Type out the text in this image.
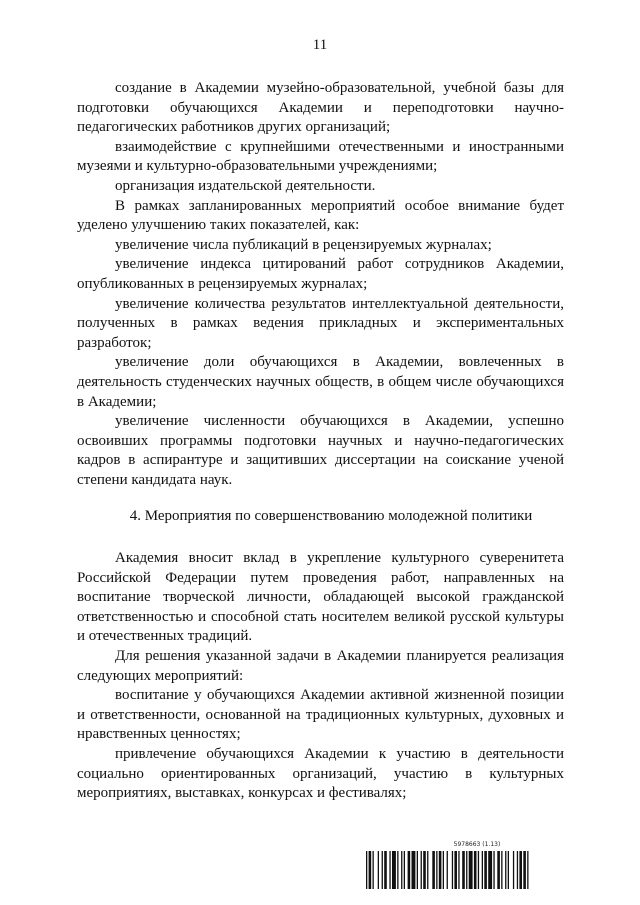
11

создание в Академии музейно-образовательной, учебной базы для подготовки обучающихся Академии и переподготовки научно-педагогических работников других организаций;

взаимодействие с крупнейшими отечественными и иностранными музеями и культурно-образовательными учреждениями;

организация издательской деятельности.

В рамках запланированных мероприятий особое внимание будет уделено улучшению таких показателей, как:

увеличение числа публикаций в рецензируемых журналах;

увеличение индекса цитирований работ сотрудников Академии, опубликованных в рецензируемых журналах;

увеличение количества результатов интеллектуальной деятельности, полученных в рамках ведения прикладных и экспериментальных разработок;

увеличение доли обучающихся в Академии, вовлеченных в деятельность студенческих научных обществ, в общем числе обучающихся в Академии;

увеличение численности обучающихся в Академии, успешно освоивших программы подготовки научных и научно-педагогических кадров в аспирантуре и защитивших диссертации на соискание ученой степени кандидата наук.

4. Мероприятия по совершенствованию молодежной политики

Академия вносит вклад в укрепление культурного суверенитета Российской Федерации путем проведения работ, направленных на воспитание творческой личности, обладающей высокой гражданской ответственностью и способной стать носителем великой русской культуры и отечественных традиций.

Для решения указанной задачи в Академии планируется реализация следующих мероприятий:

воспитание у обучающихся Академии активной жизненной позиции и ответственности, основанной на традиционных культурных, духовных и нравственных ценностях;

привлечение обучающихся Академии к участию в деятельности социально ориентированных организаций, участию в культурных мероприятиях, выставках, конкурсах и фестивалях;

5978663 (1.13)
